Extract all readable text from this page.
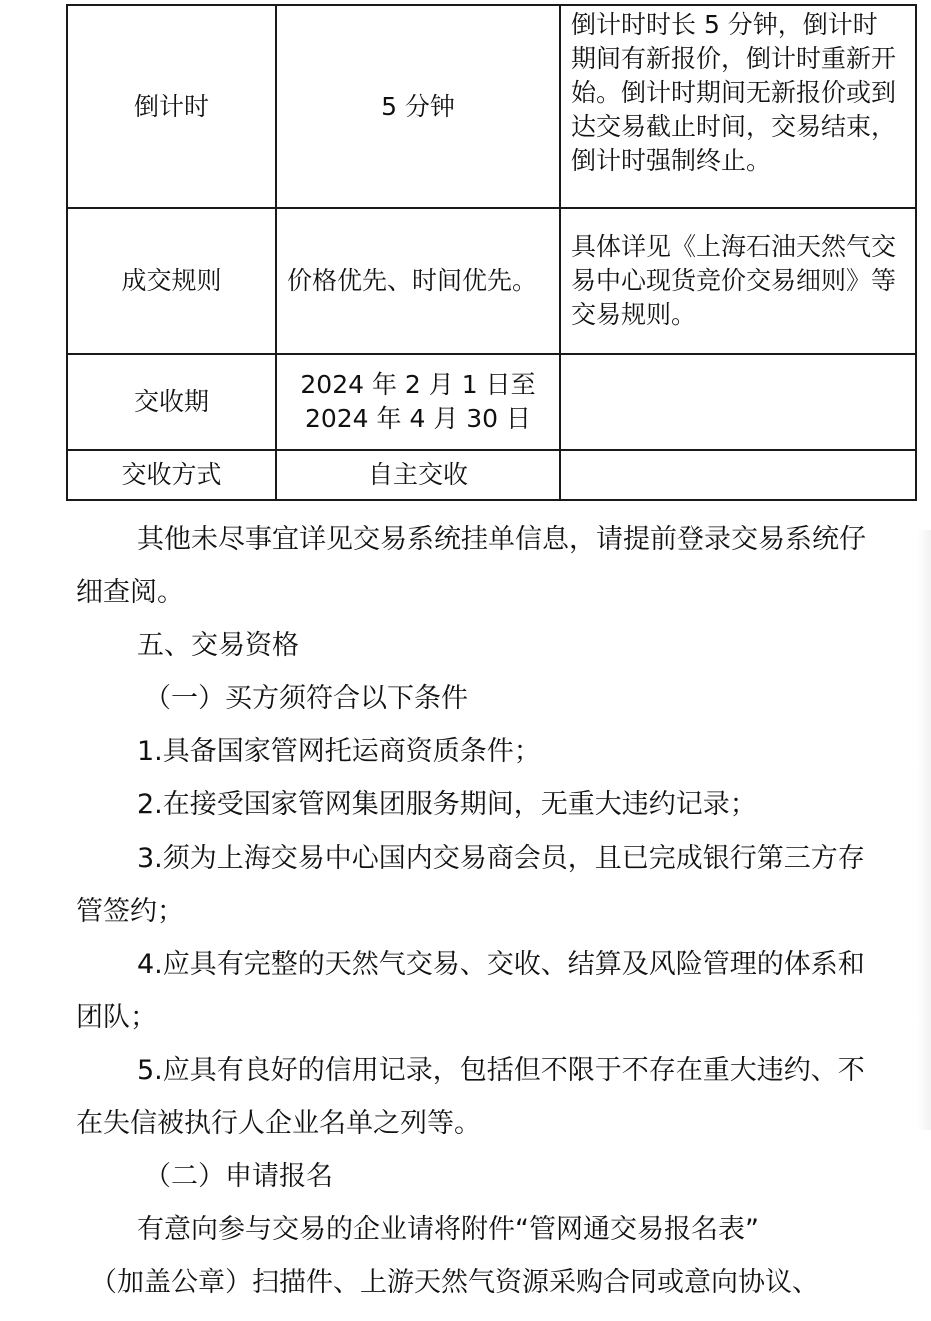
倒计时	5 分钟	倒计时时长 5 分钟，倒计时期间有新报价，倒计时重新开始。倒计时期间无新报价或到达交易截止时间，交易结束，倒计时强制终止。

成交规则	价格优先、时间优先。	具体详见《上海石油天然气交易中心现货竞价交易细则》等交易规则。
交收期	2024 年 2 月 1 日至
2024 年 4 月 30 日	

交收方式	自主交收	

其他未尽事宜详见交易系统挂单信息，请提前登录交易系统仔细查阅。

五、交易资格

（一）买方须符合以下条件

1.具备国家管网托运商资质条件；

2.在接受国家管网集团服务期间，无重大违约记录；

3.须为上海交易中心国内交易商会员，且已完成银行第三方存管签约；

4.应具有完整的天然气交易、交收、结算及风险管理的体系和团队；

5.应具有良好的信用记录，包括但不限于不存在重大违约、不在失信被执行人企业名单之列等。

（二）申请报名

有意向参与交易的企业请将附件“管网通交易报名表”

（加盖公章）扫描件、上游天然气资源采购合同或意向协议、
